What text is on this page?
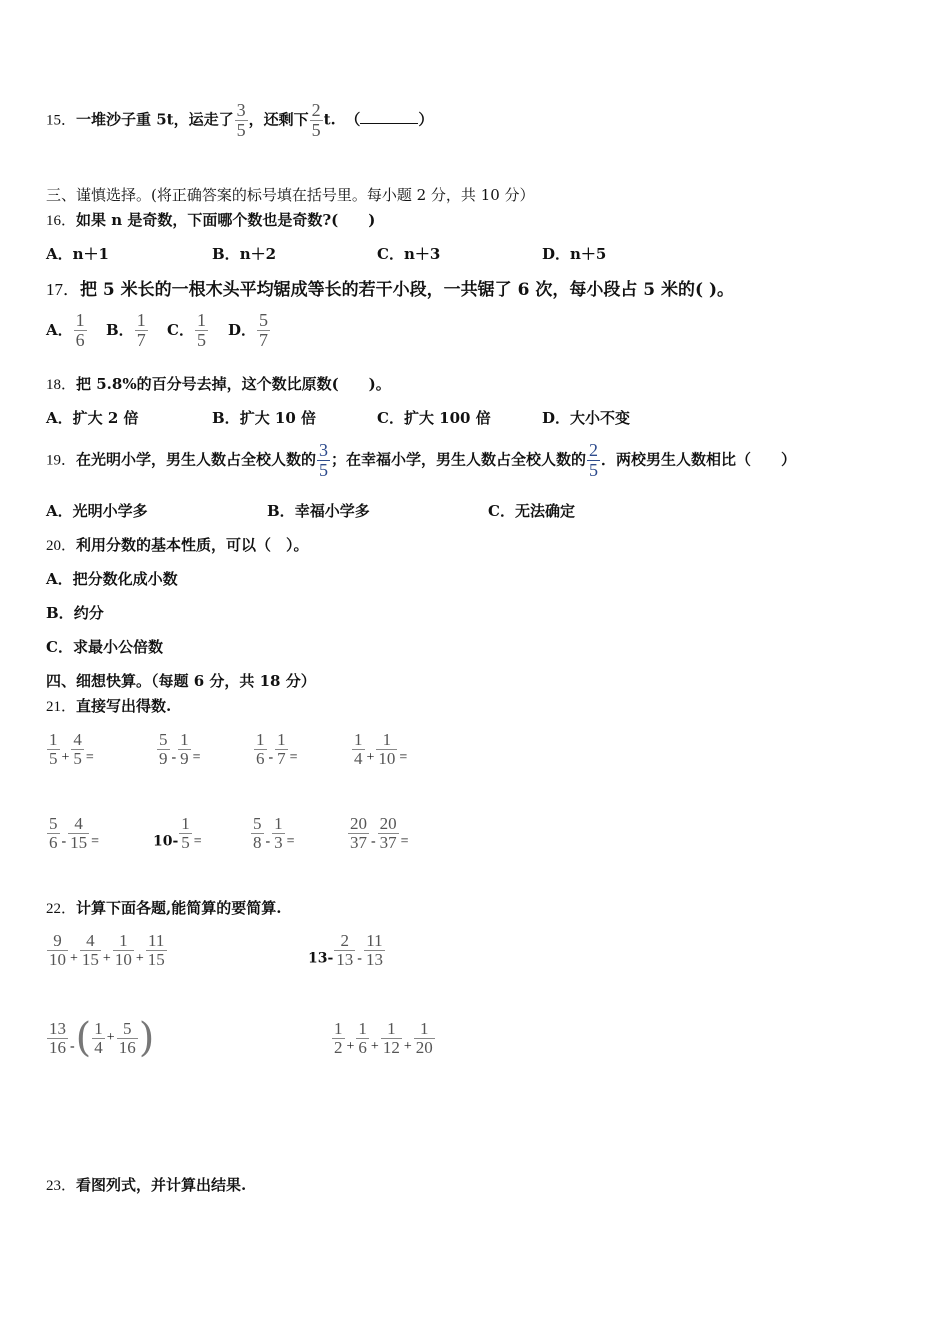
15．一堆沙子重 5t，运走了 $\frac{3}{5}$ ，还剩下 $\frac{2}{5} t$. （	）
三、谨慎选择。(将正确答案的标号填在括号里。每小题 2 分，共 10 分）
16．如果 n 是奇数，下面哪个数也是奇数?(　　)
A．n＋1	B．n＋2	C．n＋3	D．n＋5
17．把 5 米长的一根木头平均锯成等长的若干小段，一共锯了 6 次，每小段占 5 米的( )。
A． $\frac{1}{6}$ B． $\frac{1}{7}$ C． $\frac{1}{5}$ D． $\frac{5}{7}$
18．把 5.8%的百分号去掉，这个数比原数(　　)。
A．扩大 2 倍	B．扩大 10 倍	C．扩大 100 倍	D．大小不变
19．在光明小学，男生人数占全校人数的 $\frac{3}{5}$ ；在幸福小学，男生人数占全校人数的 $\frac{2}{5}$ ．两校男生人数相比（　　）
A．光明小学多	B．幸福小学多	C．无法确定
20．利用分数的基本性质，可以（　）。
A．把分数化成小数
B．约分
C．求最小公倍数
四、细想快算。（每题 6 分，共 18 分）
21．直接写出得数.
$\frac{1}{5} + \frac{4}{5}$ =	$\frac{5}{9} - \frac{1}{9}$ =	$\frac{1}{6} - \frac{1}{7}$ =	$\frac{1}{4} + \frac{1}{10}$ =
$\frac{5}{6} - \frac{4}{15}$ =	$10- \frac{1}{5}$ =	$\frac{5}{8} - \frac{1}{3}$ =	$\frac{20}{37} - \frac{20}{37}$ =
22．计算下面各题,能简算的要简算.
$\frac{9}{10} + \frac{4}{15} + \frac{1}{10} + \frac{11}{15}$	$13- \frac{2}{13} - \frac{11}{13}$
$\frac{13}{16}$ -( $\frac{1}{4} + \frac{5}{16}$ )	$\frac{1}{2} + \frac{1}{6} + \frac{1}{12} + \frac{1}{20}$
23．看图列式，并计算出结果.
